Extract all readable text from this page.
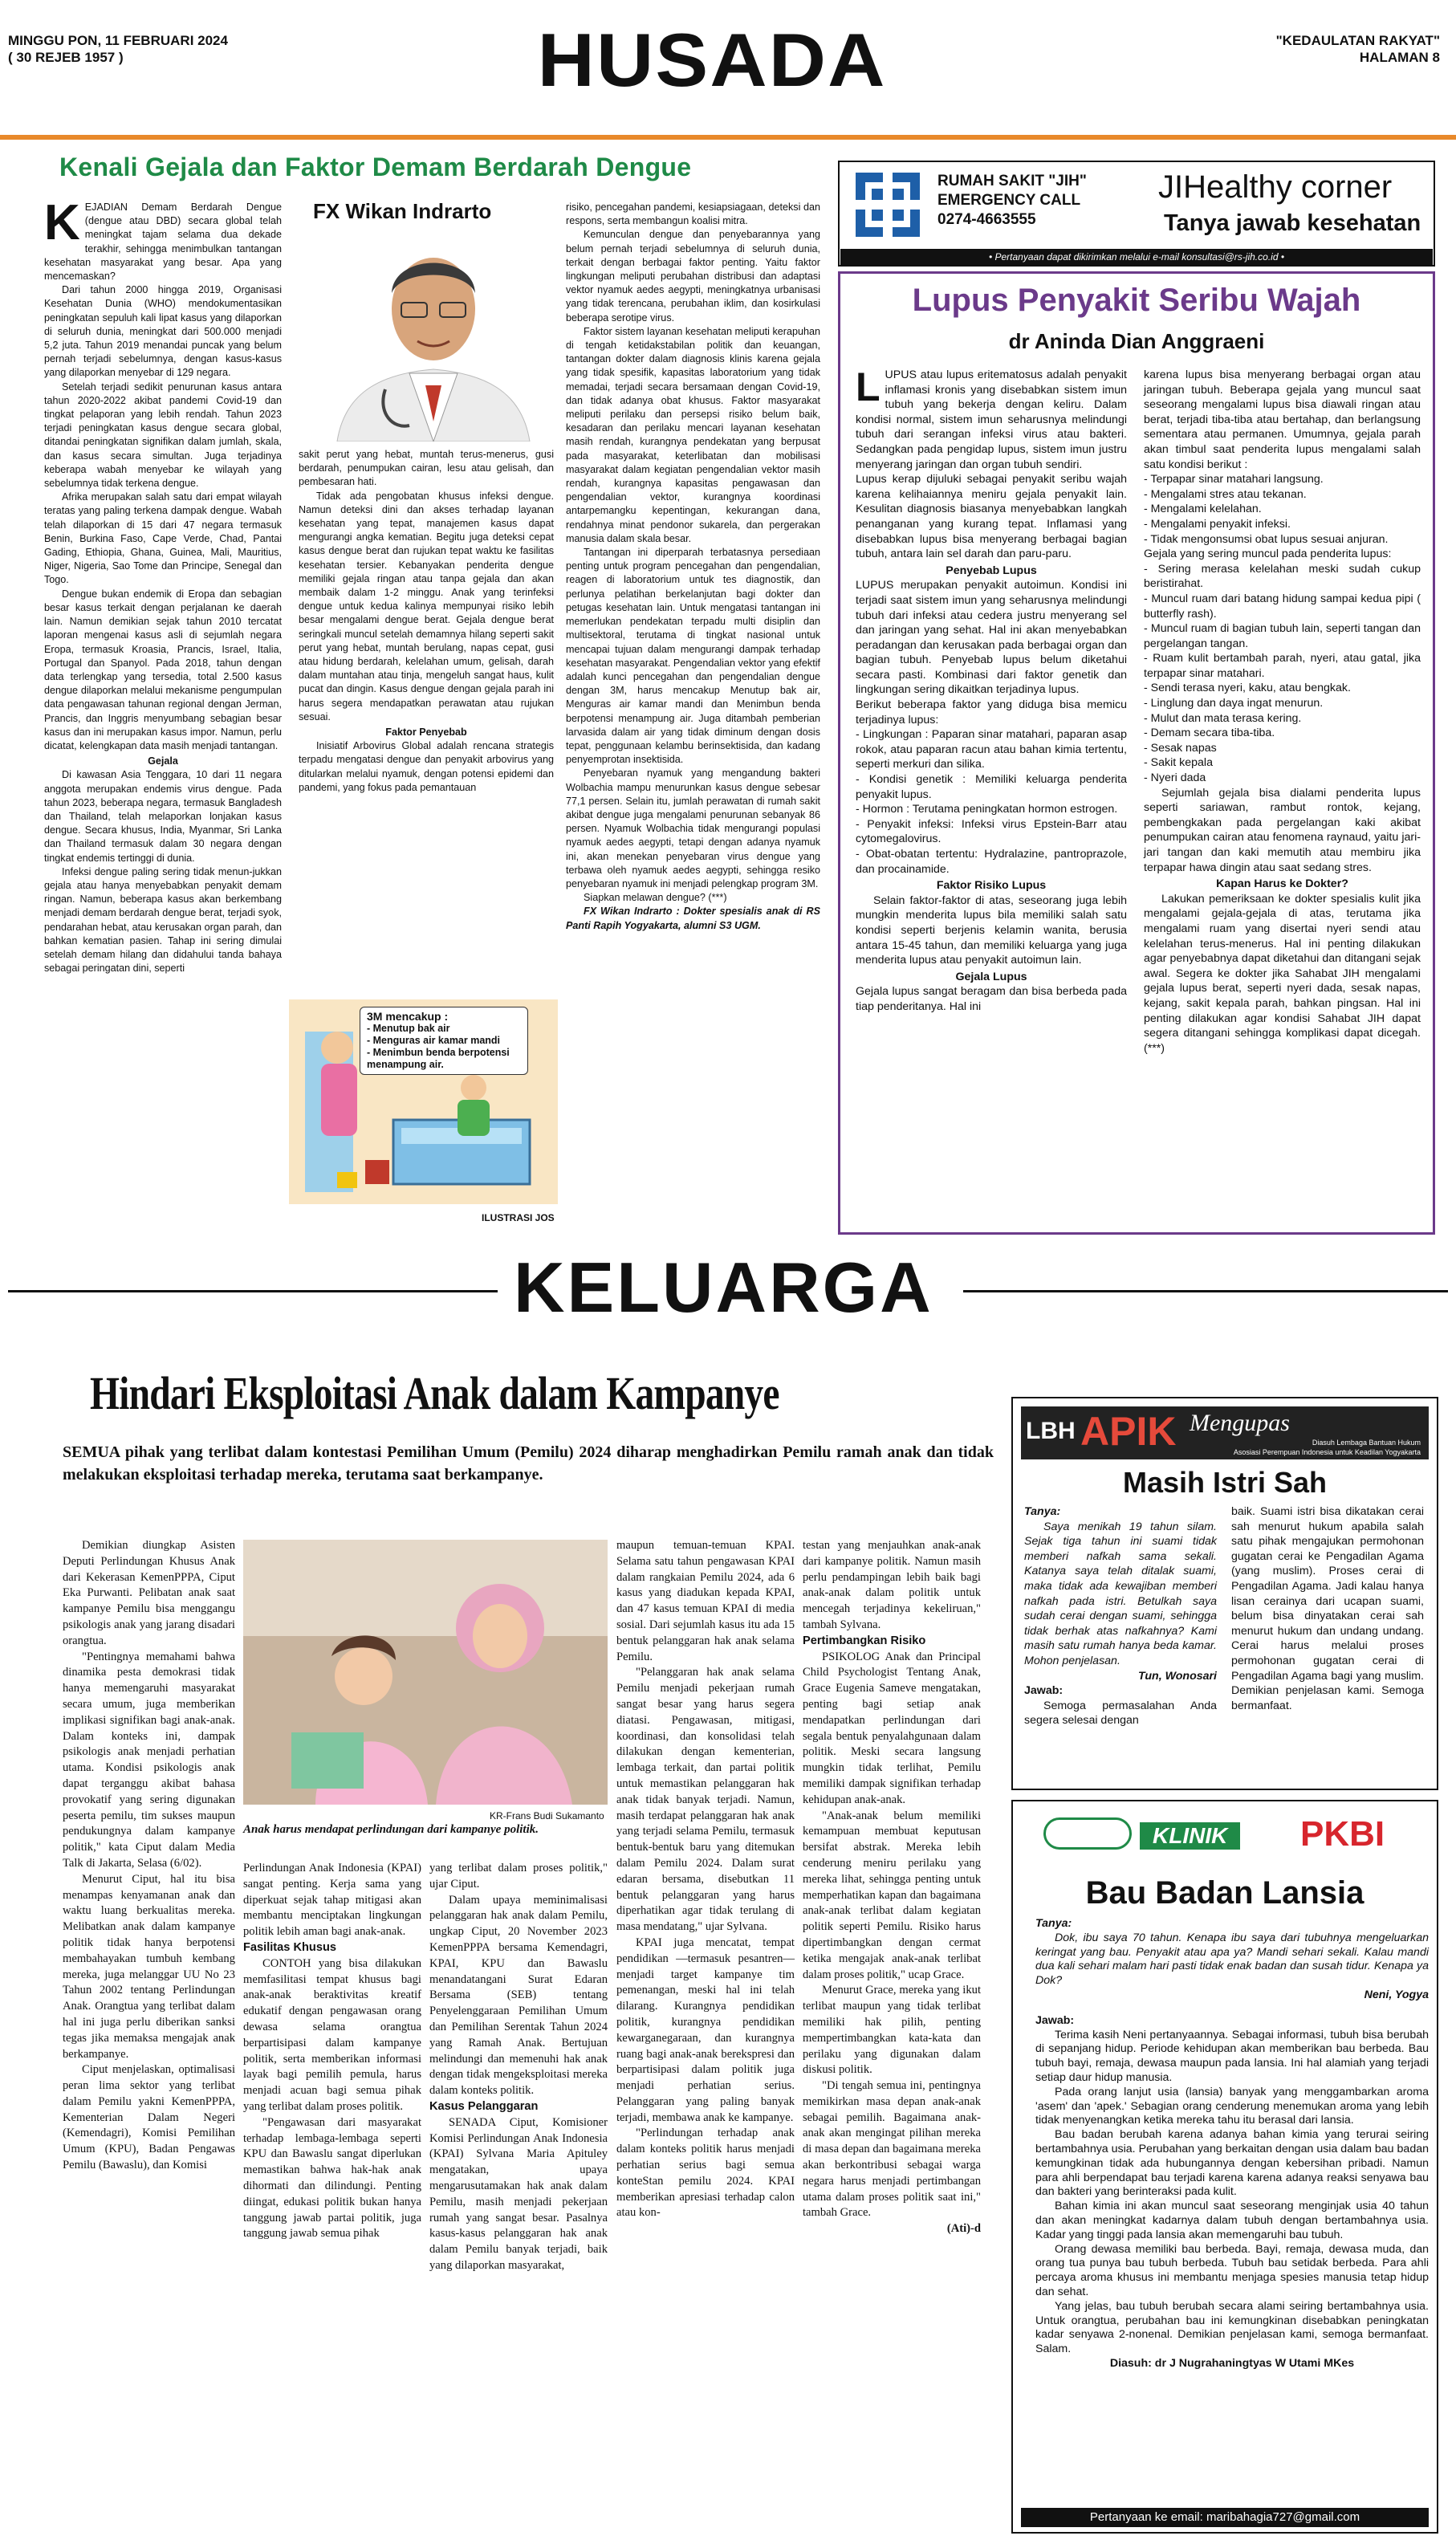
MINGGU PON, 11 FEBRUARI 2024
( 30 REJEB 1957 )	HUSADA	"KEDAULATAN RAKYAT"
HALAMAN 8
Kenali Gejala dan Faktor Demam Berdarah Dengue

KEJADIAN Demam Berdarah Dengue (dengue atau DBD) secara global telah meningkat tajam selama dua dekade terakhir, sehingga menimbulkan tantangan kesehatan masyarakat yang besar. Apa yang mencemaskan?

Dari tahun 2000 hingga 2019, Organisasi Kesehatan Dunia (WHO) mendokumentasikan peningkatan sepuluh kali lipat kasus yang dilaporkan di seluruh dunia, meningkat dari 500.000 menjadi 5,2 juta. Tahun 2019 menandai puncak yang belum pernah terjadi sebelumnya, dengan kasus-kasus yang dilaporkan menyebar di 129 negara.

Setelah terjadi sedikit penurunan kasus antara tahun 2020-2022 akibat pandemi Covid-19 dan tingkat pelaporan yang lebih rendah. Tahun 2023 terjadi peningkatan kasus dengue secara global, ditandai peningkatan signifikan dalam jumlah, skala, dan kasus secara simultan. Juga terjadinya keberapa wabah menyebar ke wilayah yang sebelumnya tidak terkena dengue.

Afrika merupakan salah satu dari empat wilayah teratas yang paling terkena dampak dengue. Wabah telah dilaporkan di 15 dari 47 negara termasuk Benin, Burkina Faso, Cape Verde, Chad, Pantai Gading, Ethiopia, Ghana, Guinea, Mali, Mauritius, Niger, Nigeria, Sao Tome dan Principe, Senegal dan Togo.

Dengue bukan endemik di Eropa dan sebagian besar kasus terkait dengan perjalanan ke daerah lain. Namun demikian sejak tahun 2010 tercatat laporan mengenai kasus asli di sejumlah negara Eropa, termasuk Kroasia, Prancis, Israel, Italia, Portugal dan Spanyol. Pada 2018, tahun dengan data terlengkap yang tersedia, total 2.500 kasus dengue dilaporkan melalui mekanisme pengumpulan data pengawasan tahunan regional dengan Jerman, Prancis, dan Inggris menyumbang sebagian besar kasus dan ini merupakan kasus impor. Namun, perlu dicatat, kelengkapan data masih menjadi tantangan.

Gejala

Di kawasan Asia Tenggara, 10 dari 11 negara anggota merupakan endemis virus dengue. Pada tahun 2023, beberapa negara, termasuk Bangladesh dan Thailand, telah melaporkan lonjakan kasus dengue. Secara khusus, India, Myanmar, Sri Lanka dan Thailand termasuk dalam 30 negara dengan tingkat endemis tertinggi di dunia.

Infeksi dengue paling sering tidak menun-jukkan gejala atau hanya menyebabkan penyakit demam ringan. Namun, beberapa kasus akan berkembang menjadi demam berdarah dengue berat, terjadi syok, pendarahan hebat, atau kerusakan organ parah, dan bahkan kematian pasien. Tahap ini sering dimulai setelah demam hilang dan didahului tanda bahaya sebagai peringatan dini, seperti

FX Wikan Indrarto

sakit perut yang hebat, muntah terus-menerus, gusi berdarah, penumpukan cairan, lesu atau gelisah, dan pembesaran hati.

Tidak ada pengobatan khusus infeksi dengue. Namun deteksi dini dan akses terhadap layanan kesehatan yang tepat, manajemen kasus dapat mengurangi angka kematian. Begitu juga deteksi cepat kasus dengue berat dan rujukan tepat waktu ke fasilitas kesehatan tersier. Kebanyakan penderita dengue memiliki gejala ringan atau tanpa gejala dan akan membaik dalam 1-2 minggu. Anak yang terinfeksi dengue untuk kedua kalinya mempunyai risiko lebih besar mengalami dengue berat. Gejala dengue berat seringkali muncul setelah demamnya hilang seperti sakit perut yang hebat, muntah berulang, napas cepat, gusi atau hidung berdarah, kelelahan umum, gelisah, darah dalam muntahan atau tinja, mengeluh sangat haus, kulit pucat dan dingin. Kasus dengue dengan gejala parah ini harus segera mendapatkan perawatan atau rujukan sesuai.

Faktor Penyebab

Inisiatif Arbovirus Global adalah rencana strategis terpadu mengatasi dengue dan penyakit arbovirus yang ditularkan melalui nyamuk, dengan potensi epidemi dan pandemi, yang fokus pada pemantauan

3M mencakup :
- Menutup bak air
- Menguras air kamar mandi
- Menimbun benda berpotensi menampung air.
ILUSTRASI JOS

risiko, pencegahan pandemi, kesiapsiagaan, deteksi dan respons, serta membangun koalisi mitra.

Kemunculan dengue dan penyebarannya yang belum pernah terjadi sebelumnya di seluruh dunia, terkait dengan berbagai faktor penting. Yaitu faktor lingkungan meliputi perubahan distribusi dan adaptasi vektor nyamuk aedes aegypti, meningkatnya urbanisasi yang tidak terencana, perubahan iklim, dan kosirkulasi beberapa serotipe virus.

Faktor sistem layanan kesehatan meliputi kerapuhan di tengah ketidakstabilan politik dan keuangan, tantangan dokter dalam diagnosis klinis karena gejala yang tidak spesifik, kapasitas laboratorium yang tidak memadai, terjadi secara bersamaan dengan Covid-19, dan tidak adanya obat khusus. Faktor masyarakat meliputi perilaku dan persepsi risiko belum baik, kesadaran dan perilaku mencari layanan kesehatan masih rendah, kurangnya pendekatan yang berpusat pada masyarakat, keterlibatan dan mobilisasi masyarakat dalam kegiatan pengendalian vektor masih rendah, kurangnya kapasitas pengawasan dan pengendalian vektor, kurangnya koordinasi antarpemangku kepentingan, kekurangan dana, rendahnya minat pendonor sukarela, dan pergerakan manusia dalam skala besar.

Tantangan ini diperparah terbatasnya persediaan penting untuk program pencegahan dan pengendalian, reagen di laboratorium untuk tes diagnostik, dan perlunya pelatihan berkelanjutan bagi dokter dan petugas kesehatan lain. Untuk mengatasi tantangan ini memerlukan pendekatan terpadu multi disiplin dan multisektoral, terutama di tingkat nasional untuk mencapai tujuan dalam mengurangi dampak terhadap kesehatan masyarakat. Pengendalian vektor yang efektif adalah kunci pencegahan dan pengendalian dengue dengan 3M, harus mencakup Menutup bak air, Menguras air kamar mandi dan Menimbun benda berpotensi menampung air. Juga ditambah pemberian larvasida dalam air yang tidak diminum dengan dosis tepat, penggunaan kelambu berinsektisida, dan kadang penyemprotan insektisida.

Penyebaran nyamuk yang mengandung bakteri Wolbachia mampu menurunkan kasus dengue sebesar 77,1 persen. Selain itu, jumlah perawatan di rumah sakit akibat dengue juga mengalami penurunan sebanyak 86 persen. Nyamuk Wolbachia tidak mengurangi populasi nyamuk aedes aegypti, tetapi dengan adanya nyamuk ini, akan menekan penyebaran virus dengue yang terbawa oleh nyamuk aedes aegypti, sehingga resiko penyebaran nyamuk ini menjadi pelengkap program 3M.

Siapkan melawan dengue? (***)

FX Wikan Indrarto : Dokter spesialis anak di RS Panti Rapih Yogyakarta, alumni S3 UGM.

RUMAH SAKIT "JIH"
EMERGENCY CALL
0274-4663555
JIHealthy corner
Tanya jawab kesehatan
• Pertanyaan dapat dikirimkan melalui e-mail konsultasi@rs-jih.co.id •
Lupus Penyakit Seribu Wajah
dr Aninda Dian Anggraeni

LUPUS atau lupus eritematosus adalah penyakit inflamasi kronis yang disebabkan sistem imun tubuh yang bekerja dengan keliru. Dalam kondisi normal, sistem imun seharusnya melindungi tubuh dari serangan infeksi virus atau bakteri. Sedangkan pada pengidap lupus, sistem imun justru menyerang jaringan dan organ tubuh sendiri.

Lupus kerap dijuluki sebagai penyakit seribu wajah karena kelihaiannya meniru gejala penyakit lain. Kesulitan diagnosis biasanya menyebabkan langkah penanganan yang kurang tepat. Inflamasi yang disebabkan lupus bisa menyerang berbagai bagian tubuh, antara lain sel darah dan paru-paru.

Penyebab Lupus

LUPUS merupakan penyakit autoimun. Kondisi ini terjadi saat sistem imun yang seharusnya melindungi tubuh dari infeksi atau cedera justru menyerang sel dan jaringan yang sehat. Hal ini akan menyebabkan peradangan dan kerusakan pada berbagai organ dan bagian tubuh. Penyebab lupus belum diketahui secara pasti. Kombinasi dari faktor genetik dan lingkungan sering dikaitkan terjadinya lupus.

Berikut beberapa faktor yang diduga bisa memicu terjadinya lupus:

- Lingkungan : Paparan sinar matahari, paparan asap rokok, atau paparan racun atau bahan kimia tertentu, seperti merkuri dan silika.

- Kondisi genetik : Memiliki keluarga penderita penyakit lupus.

- Hormon : Terutama peningkatan hormon estrogen.

- Penyakit infeksi: Infeksi virus Epstein-Barr atau cytomegalovirus.

- Obat-obatan tertentu: Hydralazine, pantroprazole, dan procainamide.

Faktor Risiko Lupus

Selain faktor-faktor di atas, seseorang juga lebih mungkin menderita lupus bila memiliki salah satu kondisi seperti berjenis kelamin wanita, berusia antara 15-45 tahun, dan memiliki keluarga yang juga menderita lupus atau penyakit autoimun lain.

Gejala Lupus

Gejala lupus sangat beragam dan bisa berbeda pada tiap penderitanya. Hal ini

karena lupus bisa menyerang berbagai organ atau jaringan tubuh. Beberapa gejala yang muncul saat seseorang mengalami lupus bisa diawali ringan atau berat, terjadi tiba-tiba atau bertahap, dan berlangsung sementara atau permanen. Umumnya, gejala parah akan timbul saat penderita lupus mengalami salah satu kondisi berikut :

- Terpapar sinar matahari langsung.

- Mengalami stres atau tekanan.

- Mengalami kelelahan.

- Mengalami penyakit infeksi.

- Tidak mengonsumsi obat lupus sesuai anjuran.

Gejala yang sering muncul pada penderita lupus:

- Sering merasa kelelahan meski sudah cukup beristirahat.

- Muncul ruam dari batang hidung sampai kedua pipi ( butterfly rash).

- Muncul ruam di bagian tubuh lain, seperti tangan dan pergelangan tangan.

- Ruam kulit bertambah parah, nyeri, atau gatal, jika terpapar sinar matahari.

- Sendi terasa nyeri, kaku, atau bengkak.

- Linglung dan daya ingat menurun.

- Mulut dan mata terasa kering.

- Demam secara tiba-tiba.

- Sesak napas

- Sakit kepala

- Nyeri dada

Sejumlah gejala bisa dialami penderita lupus seperti sariawan, rambut rontok, kejang, pembengkakan pada pergelangan kaki akibat penumpukan cairan atau fenomena raynaud, yaitu jari-jari tangan dan kaki memutih atau membiru jika terpapar hawa dingin atau saat sedang stres.

Kapan Harus ke Dokter?

Lakukan pemeriksaan ke dokter spesialis kulit jika mengalami gejala-gejala di atas, terutama jika mengalami ruam yang disertai nyeri sendi atau kelelahan terus-menerus. Hal ini penting dilakukan agar penyebabnya dapat diketahui dan ditangani sejak awal. Segera ke dokter jika Sahabat JIH mengalami gejala lupus berat, seperti nyeri dada, sesak napas, kejang, sakit kepala parah, bahkan pingsan. Hal ini penting dilakukan agar kondisi Sahabat JIH dapat segera ditangani sehingga komplikasi dapat dicegah.(***)

KELUARGA
Hindari Eksploitasi Anak dalam Kampanye
SEMUA pihak yang terlibat dalam kontestasi Pemilihan Umum (Pemilu) 2024 diharap menghadirkan Pemilu ramah anak dan tidak melakukan eksploitasi terhadap mereka, terutama saat berkampanye.
KR-Frans Budi Sukamanto
Anak harus mendapat perlindungan dari kampanye politik.

Demikian diungkap Asisten Deputi Perlindungan Khusus Anak dari Kekerasan KemenPPPA, Ciput Eka Purwanti. Pelibatan anak saat kampanye Pemilu bisa menggangu psikologis anak yang jarang disadari orangtua.

"Pentingnya memahami bahwa dinamika pesta demokrasi tidak hanya memengaruhi masyarakat secara umum, juga memberikan implikasi signifikan bagi anak-anak. Dalam konteks ini, dampak psikologis anak menjadi perhatian utama. Kondisi psikologis anak dapat terganggu akibat bahasa provokatif yang sering digunakan peserta pemilu, tim sukses maupun pendukungnya dalam kampanye politik," kata Ciput dalam Media Talk di Jakarta, Selasa (6/02).

Menurut Ciput, hal itu bisa menampas kenyamanan anak dan waktu luang berkualitas mereka. Melibatkan anak dalam kampanye politik tidak hanya berpotensi membahayakan tumbuh kembang mereka, juga melanggar UU No 23 Tahun 2002 tentang Perlindungan Anak. Orangtua yang terlibat dalam hal ini juga perlu diberikan sanksi tegas jika memaksa mengajak anak berkampanye.

Ciput menjelaskan, optimalisasi peran lima sektor yang terlibat dalam Pemilu yakni KemenPPPA, Kementerian Dalam Negeri (Kemendagri), Komisi Pemilihan Umum (KPU), Badan Pengawas Pemilu (Bawaslu), dan Komisi

Perlindungan Anak Indonesia (KPAI) sangat penting. Kerja sama yang diperkuat sejak tahap mitigasi akan membantu menciptakan lingkungan politik lebih aman bagi anak-anak.

Fasilitas Khusus

CONTOH yang bisa dilakukan memfasilitasi tempat khusus bagi anak-anak beraktivitas kreatif edukatif dengan pengawasan orang dewasa selama orangtua berpartisipasi dalam kampanye politik, serta memberikan informasi layak bagi pemilih pemula, harus menjadi acuan bagi semua pihak yang terlibat dalam proses politik.

"Pengawasan dari masyarakat terhadap lembaga-lembaga seperti KPU dan Bawaslu sangat diperlukan memastikan bahwa hak-hak anak dihormati dan dilindungi. Penting diingat, edukasi politik bukan hanya tanggung jawab partai politik, juga tanggung jawab semua pihak

yang terlibat dalam proses politik," ujar Ciput.

Dalam upaya meminimalisasi pelanggaran hak anak dalam Pemilu, ungkap Ciput, 20 November 2023 KemenPPPA bersama Kemendagri, KPAI, KPU dan Bawaslu menandatangani Surat Edaran Bersama (SEB) tentang Penyelenggaraan Pemilihan Umum dan Pemilihan Serentak Tahun 2024 yang Ramah Anak. Bertujuan melindungi dan memenuhi hak anak dengan tidak mengeksploitasi mereka dalam konteks politik.

Kasus Pelanggaran

SENADA Ciput, Komisioner Komisi Perlindungan Anak Indonesia (KPAI) Sylvana Maria Apituley mengatakan, upaya mengarusutamakan hak anak dalam Pemilu, masih menjadi pekerjaan rumah yang sangat besar. Pasalnya kasus-kasus pelanggaran hak anak dalam Pemilu banyak terjadi, baik yang dilaporkan masyarakat,

maupun temuan-temuan KPAI. Selama satu tahun pengawasan KPAI dalam rangkaian Pemilu 2024, ada 6 kasus yang diadukan kepada KPAI, dan 47 kasus temuan KPAI di media sosial. Dari sejumlah kasus itu ada 15 bentuk pelanggaran hak anak selama Pemilu.

"Pelanggaran hak anak selama Pemilu menjadi pekerjaan rumah sangat besar yang harus segera diatasi. Pengawasan, mitigasi, koordinasi, dan konsolidasi telah dilakukan dengan kementerian, lembaga terkait, dan partai politik untuk memastikan pelanggaran hak anak tidak banyak terjadi. Namun, masih terdapat pelanggaran hak anak yang terjadi selama Pemilu, termasuk bentuk-bentuk baru yang ditemukan dalam Pemilu 2024. Dalam surat edaran bersama, disebutkan 11 bentuk pelanggaran yang harus diperhatikan agar tidak terulang di masa mendatang," ujar Sylvana.

KPAI juga mencatat, tempat pendidikan —termasuk pesantren— menjadi target kampanye tim pemenangan, meski hal ini telah dilarang. Kurangnya pendidikan politik, kurangnya pendidikan kewarganegaraan, dan kurangnya ruang bagi anak-anak berekspresi dan berpartisipasi dalam politik juga menjadi perhatian serius. Pelanggaran yang paling banyak terjadi, membawa anak ke kampanye.

"Perlindungan terhadap anak dalam konteks politik harus menjadi perhatian serius bagi semua konteStan pemilu 2024. KPAI memberikan apresiasi terhadap calon atau kon-

testan yang menjauhkan anak-anak dari kampanye politik. Namun masih perlu pendampingan lebih baik bagi anak-anak dalam politik untuk mencegah terjadinya kekeliruan," tambah Sylvana.

Pertimbangkan Risiko

PSIKOLOG Anak dan Principal Child Psychologist Tentang Anak, Grace Eugenia Sameve mengatakan, penting bagi setiap anak mendapatkan perlindungan dari segala bentuk penyalahgunaan dalam politik. Meski secara langsung mungkin tidak terlihat, Pemilu memiliki dampak signifikan terhadap kehidupan anak-anak.

"Anak-anak belum memiliki kemampuan membuat keputusan bersifat abstrak. Mereka lebih cenderung meniru perilaku yang mereka lihat, sehingga penting untuk memperhatikan kapan dan bagaimana anak-anak terlibat dalam kegiatan politik seperti Pemilu. Risiko harus dipertimbangkan dengan cermat ketika mengajak anak-anak terlibat dalam proses politik," ucap Grace.

Menurut Grace, mereka yang ikut terlibat maupun yang tidak terlibat memiliki hak pilih, penting mempertimbangkan kata-kata dan perilaku yang digunakan dalam diskusi politik.

"Di tengah semua ini, pentingnya memikirkan masa depan anak-anak sebagai pemilih. Bagaimana anak-anak akan mengingat pilihan mereka di masa depan dan bagaimana mereka akan berkontribusi sebagai warga negara harus menjadi pertimbangan utama dalam proses politik saat ini," tambah Grace.

(Ati)-d

LBH APIK Mengupas
Diasuh Lembaga Bantuan Hukum
Asosiasi Perempuan Indonesia untuk Keadilan Yogyakarta
Masih Istri Sah
Tanya:

Saya menikah 19 tahun silam. Sejak tiga tahun ini suami tidak memberi nafkah sama sekali. Katanya saya telah ditalak suami, maka tidak ada kewajiban memberi nafkah pada istri. Betulkah saya sudah cerai dengan suami, sehingga tidak berhak atas nafkahnya? Kami masih satu rumah hanya beda kamar. Mohon penjelasan.

Tun, Wonosari
Jawab:

Semoga permasalahan Anda segera selesai dengan

baik. Suami istri bisa dikatakan cerai sah menurut hukum apabila salah satu pihak mengajukan permohonan gugatan cerai ke Pengadilan Agama (yang muslim). Proses cerai di Pengadilan Agama. Jadi kalau hanya lisan cerainya dari ucapan suami, belum bisa dinyatakan cerai sah menurut hukum dan undang undang. Cerai harus melalui proses permohonan gugatan cerai di Pengadilan Agama bagi yang muslim. Demikian penjelasan kami. Semoga bermanfaat.

KLINIK	PKBI
Bau Badan Lansia
Tanya:

Dok, ibu saya 70 tahun. Kenapa ibu saya dari tubuhnya mengeluarkan keringat yang bau. Penyakit atau apa ya? Mandi sehari sekali. Kalau mandi dua kali sehari malam hari pasti tidak enak badan dan susah tidur. Kenapa ya Dok?

Neni, Yogya
Jawab:

Terima kasih Neni pertanyaannya. Sebagai informasi, tubuh bisa berubah di sepanjang hidup. Periode kehidupan akan memberikan bau berbeda. Bau tubuh bayi, remaja, dewasa maupun pada lansia. Ini hal alamiah yang terjadi setiap daur hidup manusia.

Pada orang lanjut usia (lansia) banyak yang menggambarkan aroma 'asem' dan 'apek.' Sebagian orang cenderung menemukan aroma yang lebih tidak menyenangkan ketika mereka tahu itu berasal dari lansia.

Bau badan berubah karena adanya bahan kimia yang terurai seiring bertambahnya usia. Perubahan yang berkaitan dengan usia dalam bau badan kemungkinan tidak ada hubungannya dengan kebersihan pribadi. Namun para ahli berpendapat bau terjadi karena karena adanya reaksi senyawa bau dan bakteri yang berinteraksi pada kulit.

Bahan kimia ini akan muncul saat seseorang menginjak usia 40 tahun dan akan meningkat kadarnya dalam tubuh dengan bertambahnya usia. Kadar yang tinggi pada lansia akan memengaruhi bau tubuh.

Orang dewasa memiliki bau berbeda. Bayi, remaja, dewasa muda, dan orang tua punya bau tubuh berbeda. Tubuh bau setidak berbeda. Para ahli percaya aroma khusus ini membantu menjaga spesies manusia tetap hidup dan sehat.

Yang jelas, bau tubuh berubah secara alami seiring bertambahnya usia. Untuk orangtua, perubahan bau ini kemungkinan disebabkan peningkatan kadar senyawa 2-nonenal. Demikian penjelasan kami, semoga bermanfaat. Salam.

Diasuh: dr J Nugrahaningtyas W Utami MKes
Pertanyaan ke email: maribahagia727@gmail.com
